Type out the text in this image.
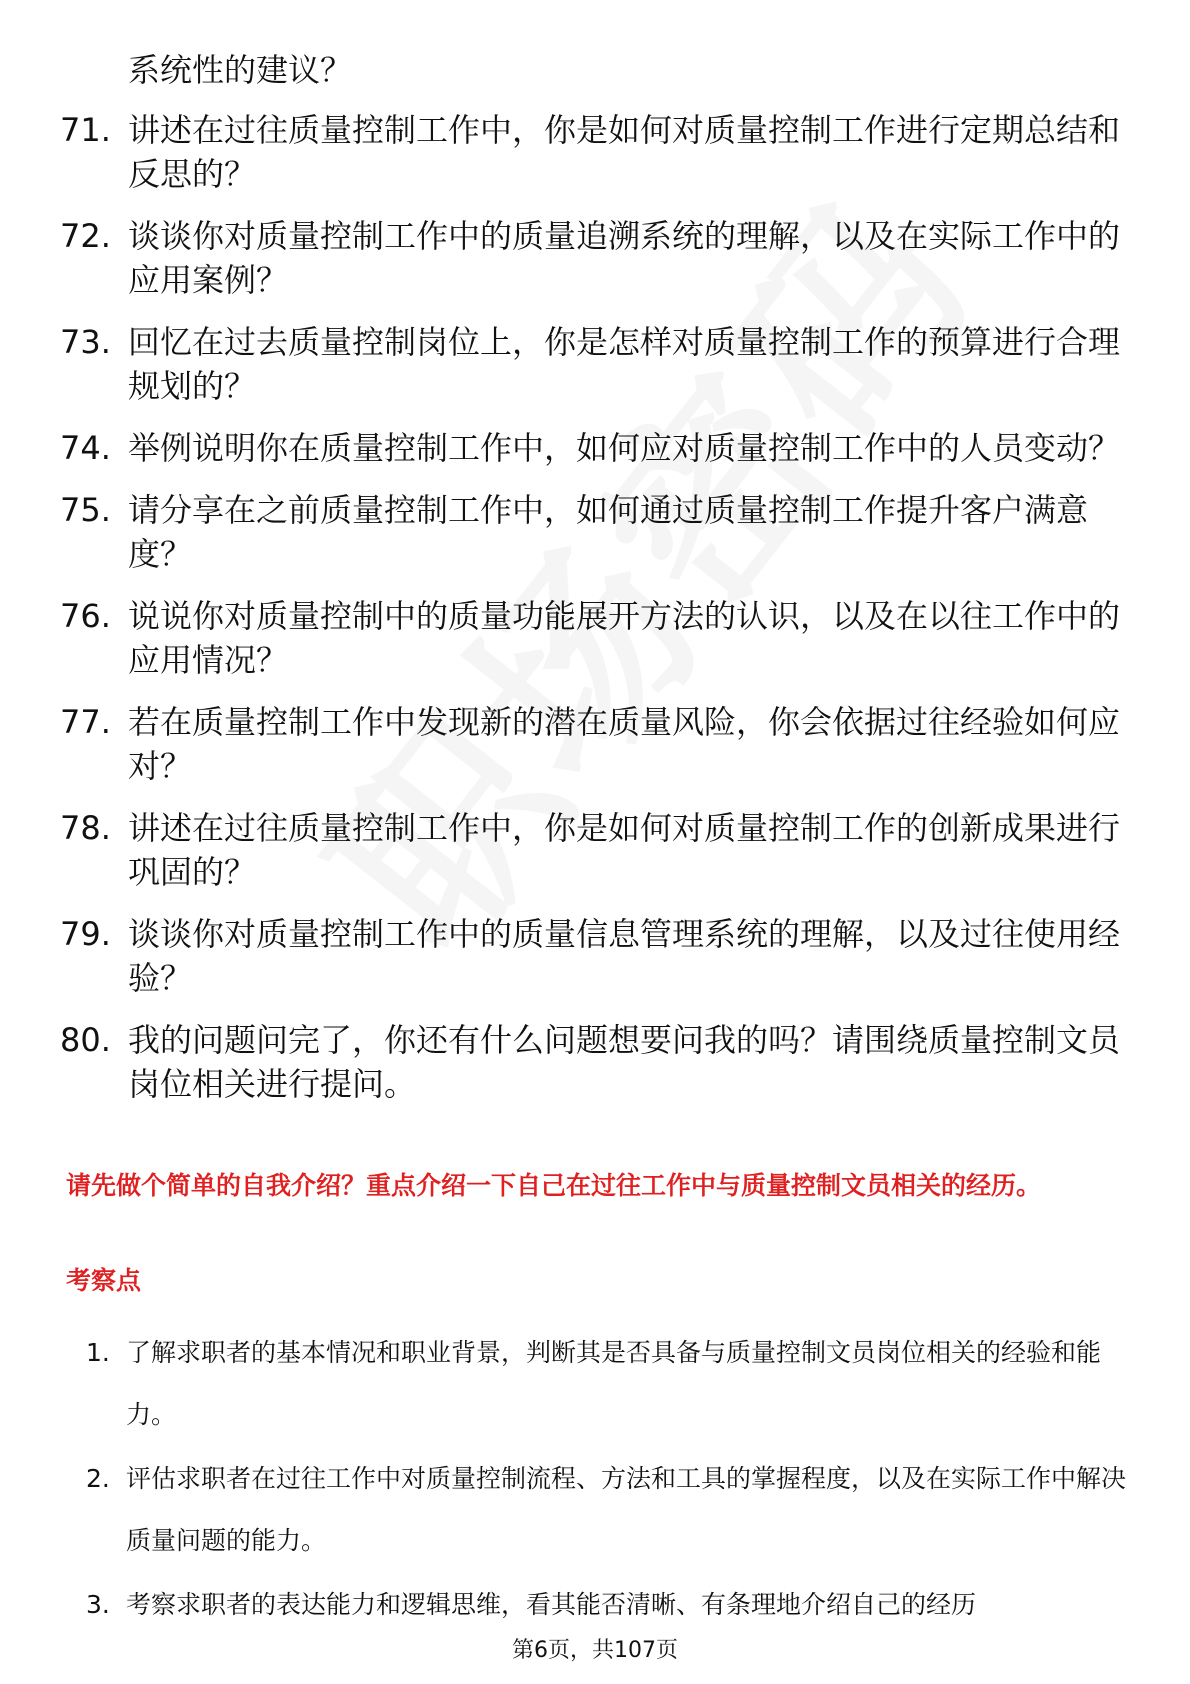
系统性的建议？
71. 讲述在过往质量控制工作中，你是如何对质量控制工作进行定期总结和反思的？
72. 谈谈你对质量控制工作中的质量追溯系统的理解，以及在实际工作中的应用案例？
73. 回忆在过去质量控制岗位上，你是怎样对质量控制工作的预算进行合理规划的？
74. 举例说明你在质量控制工作中，如何应对质量控制工作中的人员变动？
75. 请分享在之前质量控制工作中，如何通过质量控制工作提升客户满意度？
76. 说说你对质量控制中的质量功能展开方法的认识，以及在以往工作中的应用情况？
77. 若在质量控制工作中发现新的潜在质量风险，你会依据过往经验如何应对？
78. 讲述在过往质量控制工作中，你是如何对质量控制工作的创新成果进行巩固的？
79. 谈谈你对质量控制工作中的质量信息管理系统的理解，以及过往使用经验？
80. 我的问题问完了，你还有什么问题想要问我的吗？请围绕质量控制文员岗位相关进行提问。
请先做个简单的自我介绍？重点介绍一下自己在过往工作中与质量控制文员相关的经历。
考察点
1. 了解求职者的基本情况和职业背景，判断其是否具备与质量控制文员岗位相关的经验和能力。
2. 评估求职者在过往工作中对质量控制流程、方法和工具的掌握程度，以及在实际工作中解决质量问题的能力。
3. 考察求职者的表达能力和逻辑思维，看其能否清晰、有条理地介绍自己的经历
第6页，共107页
